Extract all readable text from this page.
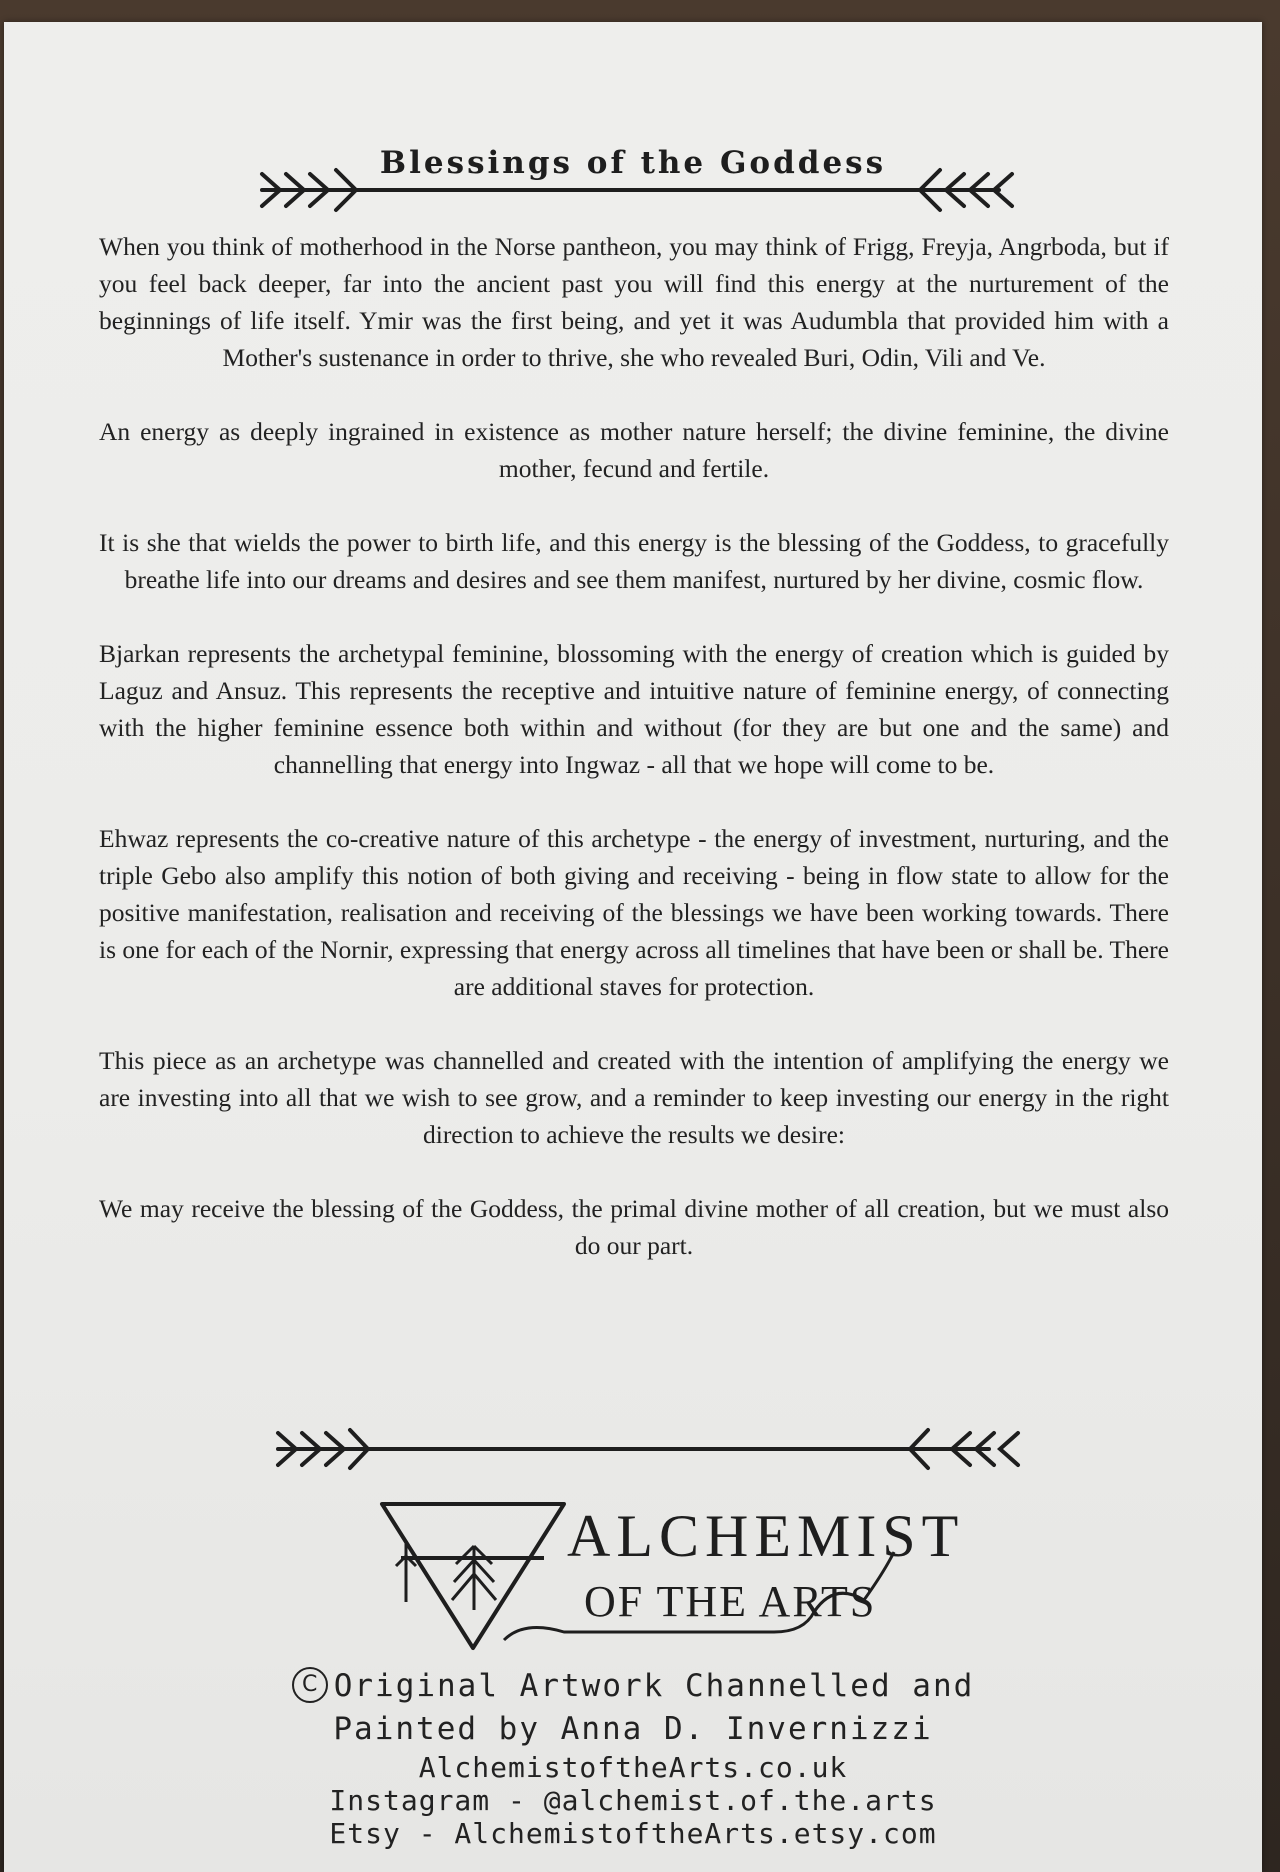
Blessings of the Goddess

When you think of motherhood in the Norse pantheon, you may think of Frigg, Freyja, Angrboda, but if you feel back deeper, far into the ancient past you will find this energy at the nurturement of the beginnings of life itself. Ymir was the first being, and yet it was Audumbla that provided him with a Mother's sustenance in order to thrive, she who revealed Buri, Odin, Vili and Ve.

An energy as deeply ingrained in existence as mother nature herself; the divine feminine, the divine mother, fecund and fertile.

It is she that wields the power to birth life, and this energy is the blessing of the Goddess, to gracefully breathe life into our dreams and desires and see them manifest, nurtured by her divine, cosmic flow.

Bjarkan represents the archetypal feminine, blossoming with the energy of creation which is guided by Laguz and Ansuz. This represents the receptive and intuitive nature of feminine energy, of connecting with the higher feminine essence both within and without (for they are but one and the same) and channelling that energy into Ingwaz - all that we hope will come to be.

Ehwaz represents the co-creative nature of this archetype - the energy of investment, nurturing, and the triple Gebo also amplify this notion of both giving and receiving - being in flow state to allow for the positive manifestation, realisation and receiving of the blessings we have been working towards. There is one for each of the Nornir, expressing that energy across all timelines that have been or shall be. There are additional staves for protection.

This piece as an archetype was channelled and created with the intention of amplifying the energy we are investing into all that we wish to see grow, and a reminder to keep investing our energy in the right direction to achieve the results we desire:

We may receive the blessing of the Goddess, the primal divine mother of all creation, but we must also do our part.

ALCHEMIST
OF THE ARTS
C Original Artwork Channelled and
Painted by Anna D. Invernizzi
AlchemistoftheArts.co.uk
Instagram - @alchemist.of.the.arts
Etsy - AlchemistoftheArts.etsy.com
